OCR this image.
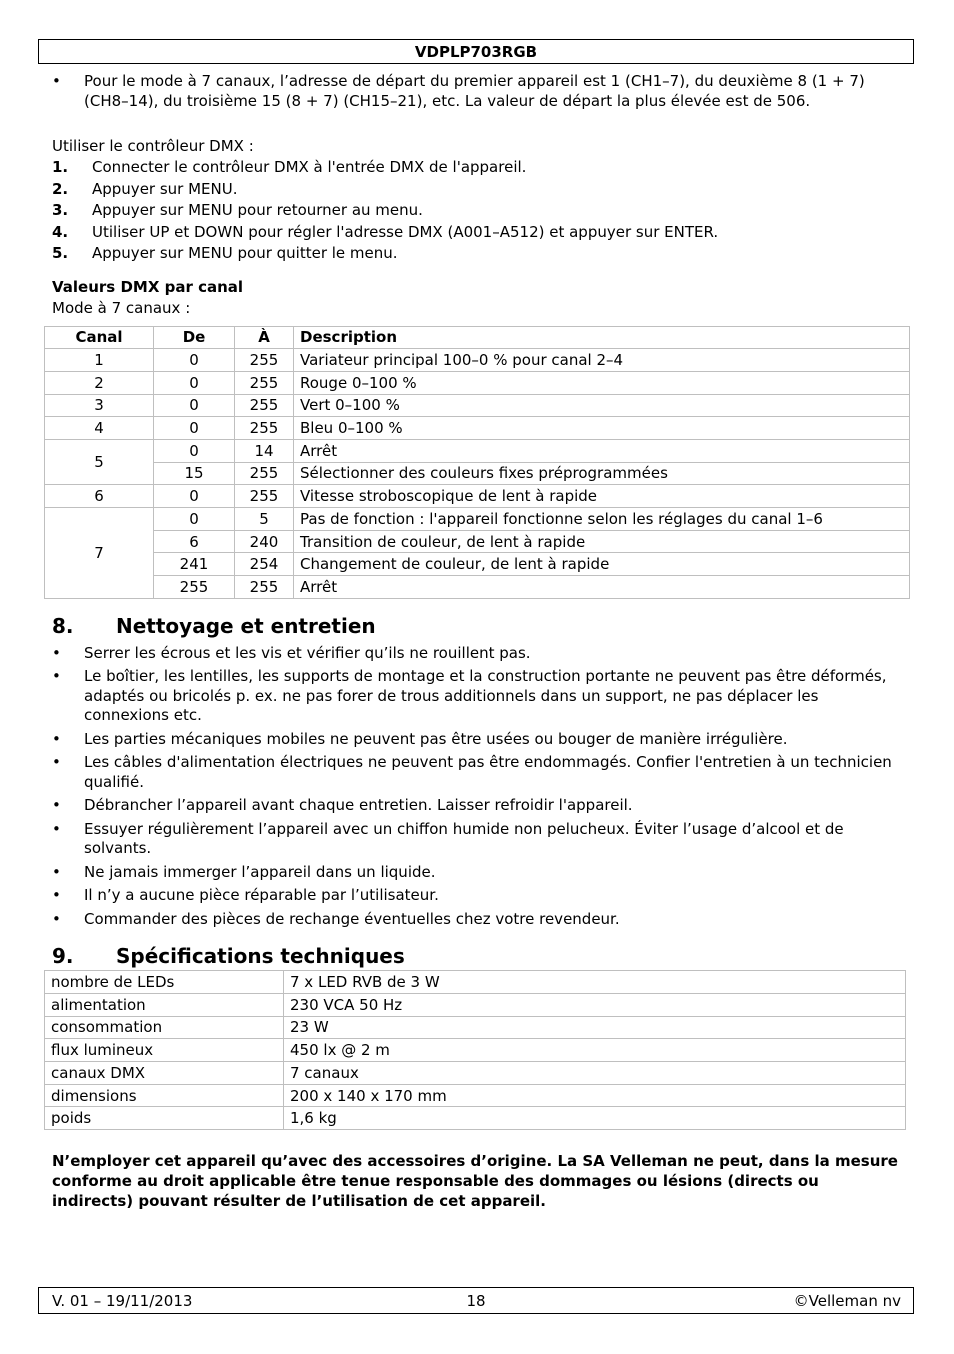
VDPLP703RGB
• Pour le mode à 7 canaux, l’adresse de départ du premier appareil est 1 (CH1–7), du deuxième 8 (1 + 7) (CH8–14), du troisième 15 (8 + 7) (CH15–21), etc. La valeur de départ la plus élevée est de 506.

Utiliser le contrôleur DMX :

1. Connecter le contrôleur DMX à l'entrée DMX de l'appareil.
2. Appuyer sur MENU.
3. Appuyer sur MENU pour retourner au menu.
4. Utiliser UP et DOWN pour régler l'adresse DMX (A001–A512) et appuyer sur ENTER.
5. Appuyer sur MENU pour quitter le menu.

Valeurs DMX par canal

Mode à 7 canaux :

Canal	De	À	Description
1	0	255	Variateur principal 100–0 % pour canal 2–4
2	0	255	Rouge 0–100 %
3	0	255	Vert 0–100 %
4	0	255	Bleu 0–100 %
5	0	14	Arrêt
	15	255	Sélectionner des couleurs fixes préprogrammées
6	0	255	Vitesse stroboscopique de lent à rapide
7	0	5	Pas de fonction : l'appareil fonctionne selon les réglages du canal 1–6
	6	240	Transition de couleur, de lent à rapide
	241	254	Changement de couleur, de lent à rapide
	255	255	Arrêt
8. Nettoyage et entretien
• Serrer les écrous et les vis et vérifier qu’ils ne rouillent pas.
• Le boîtier, les lentilles, les supports de montage et la construction portante ne peuvent pas être déformés, adaptés ou bricolés p. ex. ne pas forer de trous additionnels dans un support, ne pas déplacer les connexions etc.
• Les parties mécaniques mobiles ne peuvent pas être usées ou bouger de manière irrégulière.
• Les câbles d'alimentation électriques ne peuvent pas être endommagés. Confier l'entretien à un technicien qualifié.
• Débrancher l’appareil avant chaque entretien. Laisser refroidir l'appareil.
• Essuyer régulièrement l’appareil avec un chiffon humide non pelucheux. Éviter l’usage d’alcool et de solvants.
• Ne jamais immerger l’appareil dans un liquide.
• Il n’y a aucune pièce réparable par l’utilisateur.
• Commander des pièces de rechange éventuelles chez votre revendeur.
9. Spécifications techniques
nombre de LEDs	7 x LED RVB de 3 W
alimentation	230 VCA 50 Hz
consommation	23 W
flux lumineux	450 lx @ 2 m
canaux DMX	7 canaux
dimensions	200 x 140 x 170 mm
poids	1,6 kg

N’employer cet appareil qu’avec des accessoires d’origine. La SA Velleman ne peut, dans la mesure conforme au droit applicable être tenue responsable des dommages ou lésions (directs ou indirects) pouvant résulter de l’utilisation de cet appareil.

18
V. 01 – 19/11/2013	©Velleman nv
